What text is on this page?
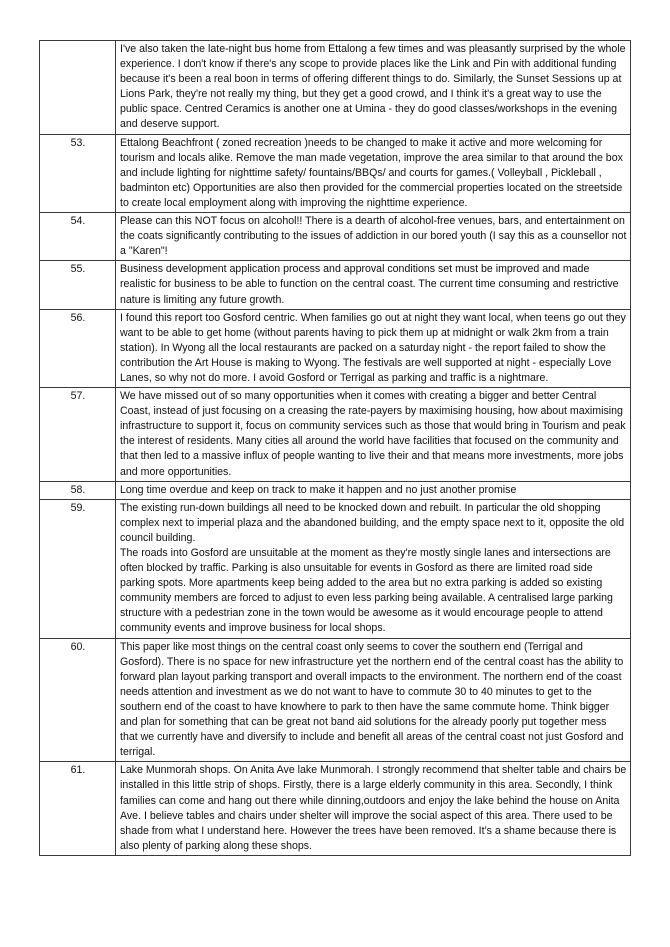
	I've also taken the late-night bus home from Ettalong a few times and was pleasantly surprised by the whole experience. I don't know if there's any scope to provide places like the Link and Pin with additional funding because it's been a real boon in terms of offering different things to do. Similarly, the Sunset Sessions up at Lions Park, they're not really my thing, but they get a good crowd, and I think it's a great way to use the public space. Centred Ceramics is another one at Umina - they do good classes/workshops in the evening and deserve support.

53.	Ettalong Beachfront ( zoned recreation )needs to be changed to make it active and more welcoming for tourism and locals alike. Remove the man made vegetation, improve the area similar to that around the box and include lighting for nighttime safety/ fountains/BBQs/ and courts for games.( Volleyball , Pickleball , badminton etc) Opportunities are also then provided for the commercial properties located on the streetside to create local employment along with improving the nighttime experience.

54.	Please can this NOT focus on alcohol!! There is a dearth of alcohol-free venues, bars, and entertainment on the coats significantly contributing to the issues of addiction in our bored youth (I say this as a counsellor not a "Karen"!

55.	Business development application process and approval conditions set must be improved and made realistic for business to be able to function on the central coast. The current time consuming and restrictive nature is limiting any future growth.

56.	I found this report too Gosford centric. When families go out at night they want local, when teens go out they want to be able to get home (without parents having to pick them up at midnight or walk 2km from a train station). In Wyong all the local restaurants are packed on a saturday night - the report failed to show the contribution the Art House is making to Wyong. The festivals are well supported at night - especially Love Lanes, so why not do more. I avoid Gosford or Terrigal as parking and traffic is a nightmare.

57.	We have missed out of so many opportunities when it comes with creating a bigger and better Central Coast, instead of just focusing on a creasing the rate-payers by maximising housing, how about maximising infrastructure to support it, focus on community services such as those that would bring in Tourism and peak the interest of residents. Many cities all around the world have facilities that focused on the community and that then led to a massive influx of people wanting to live their and that means more investments, more jobs and more opportunities.

58.	Long time overdue and keep on track to make it happen and no just another promise

59.	The existing run-down buildings all need to be knocked down and rebuilt. In particular the old shopping complex next to imperial plaza and the abandoned building, and the empty space next to it, opposite the old council building.

The roads into Gosford are unsuitable at the moment as they're mostly single lanes and intersections are often blocked by traffic. Parking is also unsuitable for events in Gosford as there are limited road side parking spots. More apartments keep being added to the area but no extra parking is added so existing community members are forced to adjust to even less parking being available. A centralised large parking structure with a pedestrian zone in the town would be awesome as it would encourage people to attend community events and improve business for local shops.

60.	This paper like most things on the central coast only seems to cover the southern end (Terrigal and Gosford). There is no space for new infrastructure yet the northern end of the central coast has the ability to forward plan layout parking transport and overall impacts to the environment. The northern end of the coast needs attention and investment as we do not want to have to commute 30 to 40 minutes to get to the southern end of the coast to have knowhere to park to then have the same commute home. Think bigger and plan for something that can be great not band aid solutions for the already poorly put together mess that we currently have and diversify to include and benefit all areas of the central coast not just Gosford and terrigal.

61.	Lake Munmorah shops. On Anita Ave lake Munmorah. I strongly recommend that shelter table and chairs be installed in this little strip of shops. Firstly, there is a large elderly community in this area. Secondly, I think families can come and hang out there while dinning,outdoors and enjoy the lake behind the house on Anita Ave. I believe tables and chairs under shelter will improve the social aspect of this area. There used to be shade from what I understand here. However the trees have been removed. It’s a shame because there is also plenty of parking along these shops.
